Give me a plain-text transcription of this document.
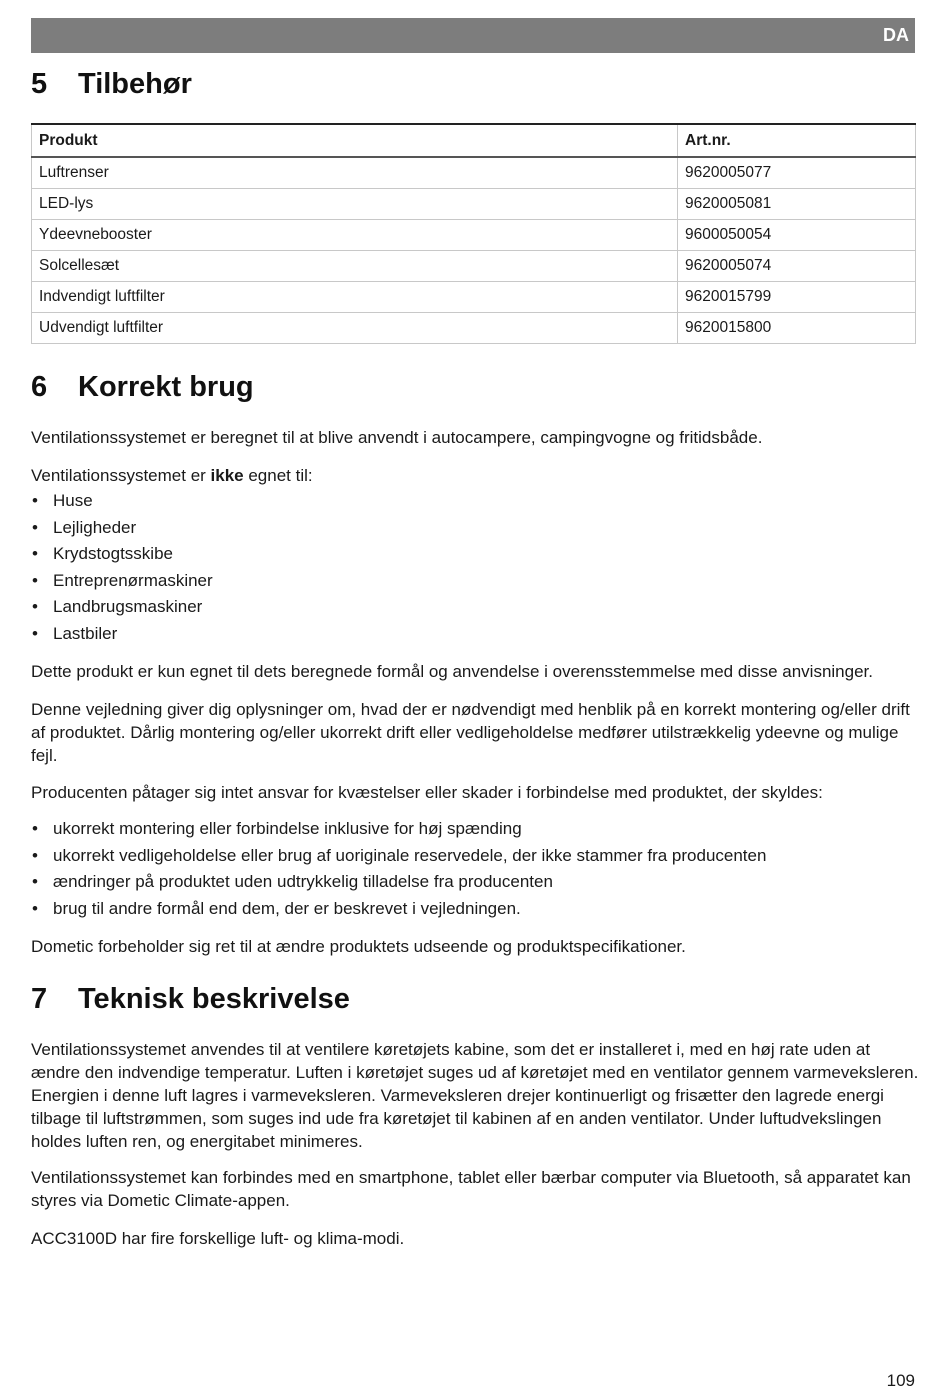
DA
5	Tilbehør
Produkt	Art.nr.
Luftrenser	9620005077
LED-lys	9620005081
Ydeevnebooster	9600050054
Solcellesæt	9620005074
Indvendigt luftfilter	9620015799
Udvendigt luftfilter	9620015800
6	Korrekt brug

Ventilationssystemet er beregnet til at blive anvendt i autocampere, campingvogne og fritidsbåde.

Ventilationssystemet er ikke egnet til:

• Huse
• Lejligheder
• Krydstogtsskibe
• Entreprenørmaskiner
• Landbrugsmaskiner
• Lastbiler

Dette produkt er kun egnet til dets beregnede formål og anvendelse i overensstemmelse med disse anvisninger.

Denne vejledning giver dig oplysninger om, hvad der er nødvendigt med henblik på en korrekt montering og/eller drift af produktet. Dårlig montering og/eller ukorrekt drift eller vedligeholdelse medfører utilstrækkelig ydeevne og mulige fejl.

Producenten påtager sig intet ansvar for kvæstelser eller skader i forbindelse med produktet, der skyldes:

• ukorrekt montering eller forbindelse inklusive for høj spænding
• ukorrekt vedligeholdelse eller brug af uoriginale reservedele, der ikke stammer fra producenten
• ændringer på produktet uden udtrykkelig tilladelse fra producenten
• brug til andre formål end dem, der er beskrevet i vejledningen.

Dometic forbeholder sig ret til at ændre produktets udseende og produktspecifikationer.

7	Teknisk beskrivelse

Ventilationssystemet anvendes til at ventilere køretøjets kabine, som det er installeret i, med en høj rate uden at ændre den indvendige temperatur. Luften i køretøjet suges ud af køretøjet med en ventilator gennem varmeveksleren. Energien i denne luft lagres i varmeveksleren. Varmeveksleren drejer kontinuerligt og frisætter den lagrede energi tilbage til luftstrømmen, som suges ind ude fra køretøjet til kabinen af en anden ventilator. Under luftudvekslingen holdes luften ren, og energitabet minimeres.

Ventilationssystemet kan forbindes med en smartphone, tablet eller bærbar computer via Bluetooth, så apparatet kan styres via Dometic Climate-appen.

ACC3100D har fire forskellige luft- og klima-modi.

109
